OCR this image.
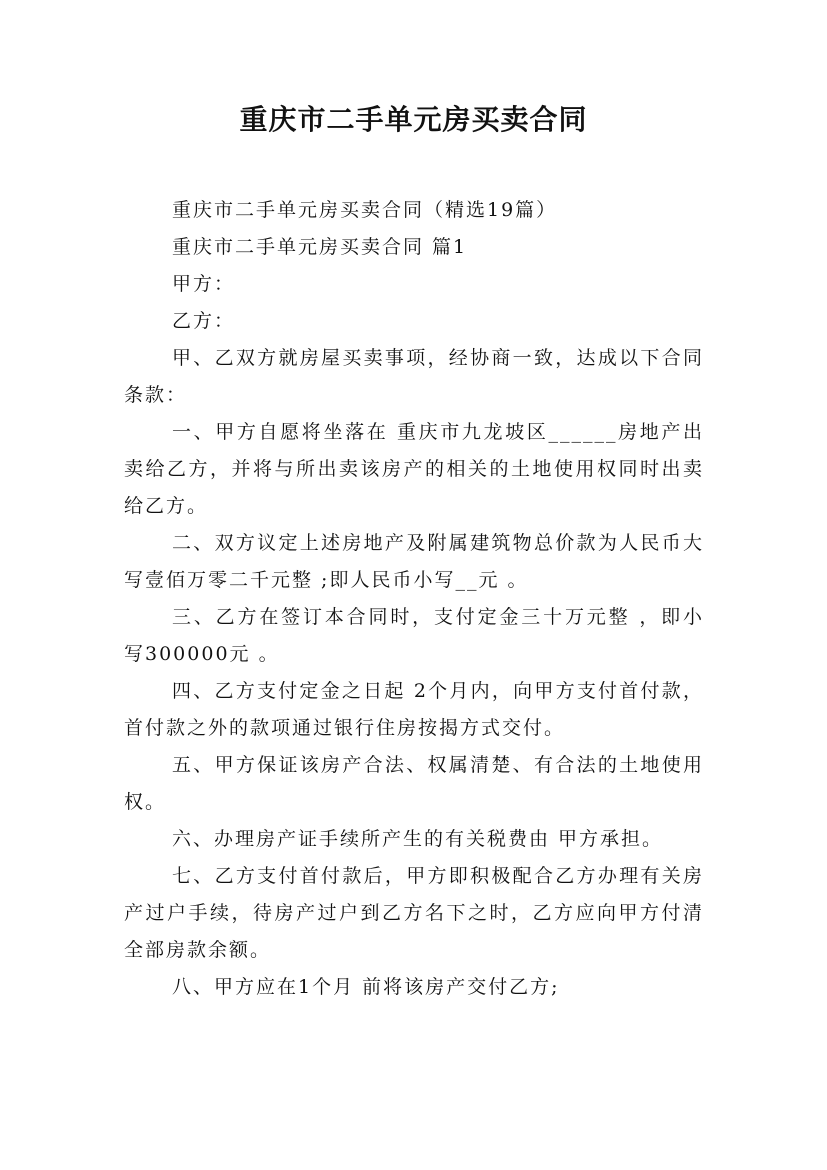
重庆市二手单元房买卖合同

重庆市二手单元房买卖合同（精选19篇）

重庆市二手单元房买卖合同 篇1

甲方：

乙方：

甲、乙双方就房屋买卖事项，经协商一致，达成以下合同条款：

一、甲方自愿将坐落在 重庆市九龙坡区______房地产出卖给乙方，并将与所出卖该房产的相关的土地使用权同时出卖给乙方。

二、双方议定上述房地产及附属建筑物总价款为人民币大写壹佰万零二千元整 ;即人民币小写__元 。

三、乙方在签订本合同时，支付定金三十万元整 ，即小写300000元 。

四、乙方支付定金之日起 2个月内，向甲方支付首付款，首付款之外的款项通过银行住房按揭方式交付。

五、甲方保证该房产合法、权属清楚、有合法的土地使用权。

六、办理房产证手续所产生的有关税费由 甲方承担。

七、乙方支付首付款后，甲方即积极配合乙方办理有关房产过户手续，待房产过户到乙方名下之时，乙方应向甲方付清全部房款余额。

八、甲方应在1个月 前将该房产交付乙方;
